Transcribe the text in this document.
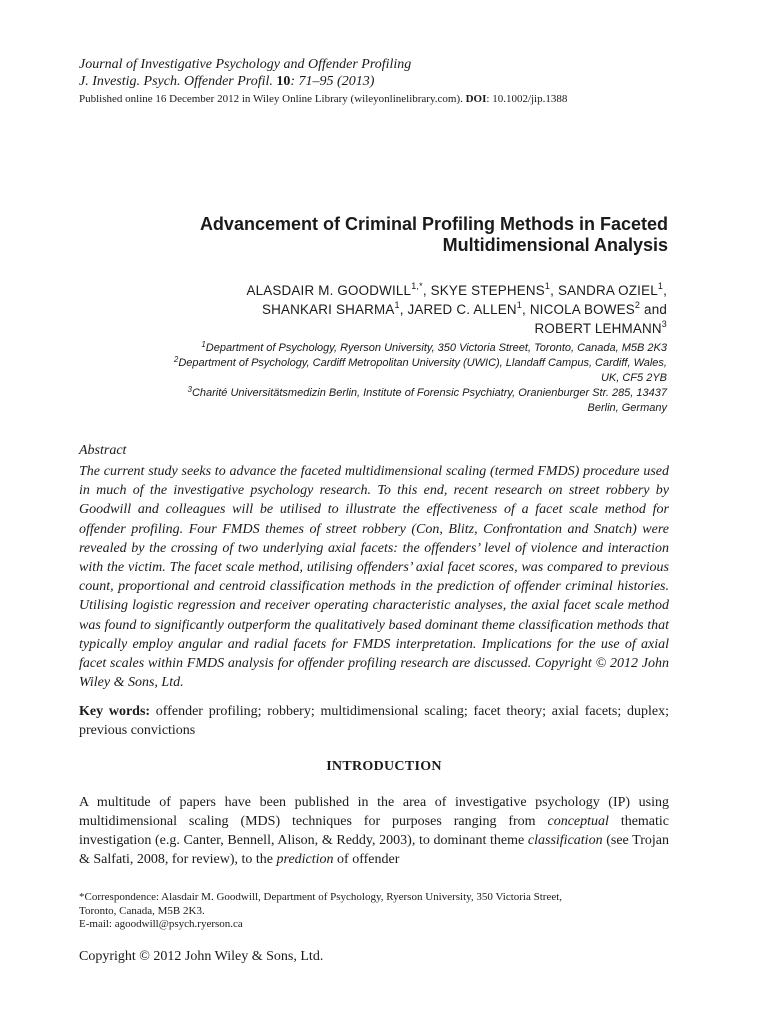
Journal of Investigative Psychology and Offender Profiling
J. Investig. Psych. Offender Profil. 10: 71–95 (2013)
Published online 16 December 2012 in Wiley Online Library (wileyonlinelibrary.com). DOI: 10.1002/jip.1388
Advancement of Criminal Profiling Methods in Faceted
Multidimensional Analysis
ALASDAIR M. $GOODWILL^{1,*}$, SKYE STEPHENS$^1$, SANDRA OZIEL$^1$,
SHANKARI SHARMA$^1$, JARED C. ALLEN$^1$, NICOLA BOWES$^2$ and
ROBERT LEHMANN$^3$
$^1$Department of Psychology, Ryerson University, 350 Victoria Street, Toronto, Canada, M5B 2K3
$^2$Department of Psychology, Cardiff Metropolitan University (UWIC), Llandaff Campus, Cardiff, Wales,
UK, CF5 2YB
$^3$Charité Universitätsmedizin Berlin, Institute of Forensic Psychiatry, Oranienburger Str. 285, 13437
Berlin, Germany
Abstract

The current study seeks to advance the faceted multidimensional scaling (termed FMDS) procedure used in much of the investigative psychology research. To this end, recent research on street robbery by Goodwill and colleagues will be utilised to illustrate the effectiveness of a facet scale method for offender profiling. Four FMDS themes of street robbery (Con, Blitz, Confrontation and Snatch) were revealed by the crossing of two underlying axial facets: the offenders’ level of violence and interaction with the victim. The facet scale method, utilising offenders’ axial facet scores, was compared to previous count, proportional and centroid classification methods in the prediction of offender criminal histories. Utilising logistic regression and receiver operating characteristic analyses, the axial facet scale method was found to significantly outperform the qualitatively based dominant theme classification methods that typically employ angular and radial facets for FMDS interpretation. Implications for the use of axial facet scales within FMDS analysis for offender profiling research are discussed. Copyright © 2012 John Wiley & Sons, Ltd.

Key words: offender profiling; robbery; multidimensional scaling; facet theory; axial facets; duplex; previous convictions

INTRODUCTION

A multitude of papers have been published in the area of investigative psychology (IP) using multidimensional scaling (MDS) techniques for purposes ranging from conceptual thematic investigation (e.g. Canter, Bennell, Alison, & Reddy, 2003), to dominant theme classification (see Trojan & Salfati, 2008, for review), to the prediction of offender

*Correspondence: Alasdair M. Goodwill, Department of Psychology, Ryerson University, 350 Victoria Street,
Toronto, Canada, M5B 2K3.
E-mail: agoodwill@psych.ryerson.ca
Copyright © 2012 John Wiley & Sons, Ltd.
